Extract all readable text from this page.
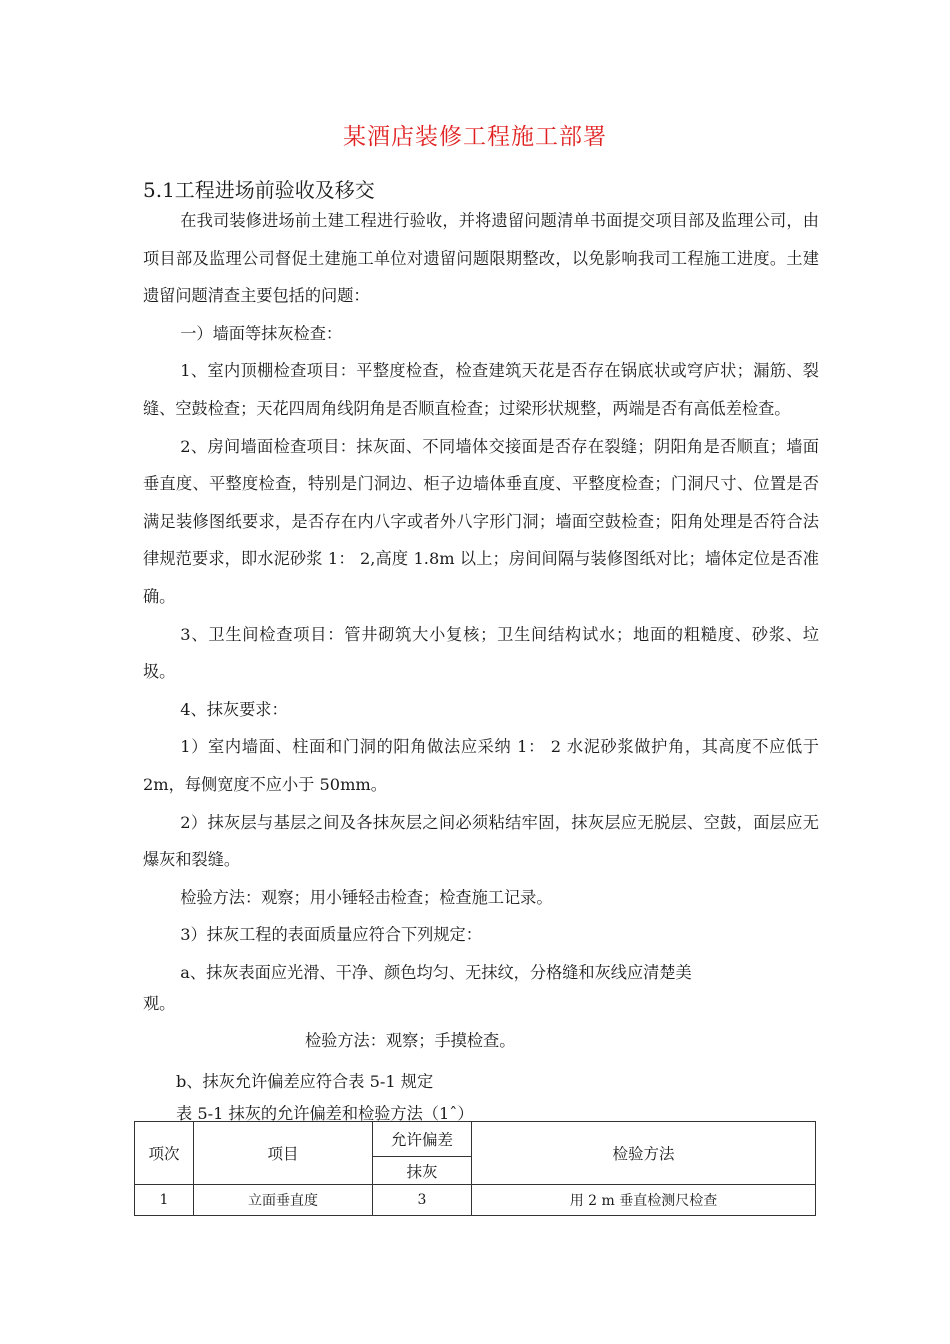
某酒店装修工程施工部署
5.1工程进场前验收及移交

在我司装修进场前土建工程进行验收，并将遗留问题清单书面提交项目部及监理公司，由项目部及监理公司督促土建施工单位对遗留问题限期整改，以免影响我司工程施工进度。土建遗留问题清查主要包括的问题：

一）墙面等抹灰检查：

1、室内顶棚检查项目：平整度检查，检查建筑天花是否存在锅底状或穹庐状；漏筋、裂缝、空鼓检查；天花四周角线阴角是否顺直检查；过梁形状规整，两端是否有高低差检查。

2、房间墙面检查项目：抹灰面、不同墙体交接面是否存在裂缝；阴阳角是否顺直；墙面垂直度、平整度检查，特别是门洞边、柜子边墙体垂直度、平整度检查；门洞尺寸、位置是否满足装修图纸要求，是否存在内八字或者外八字形门洞；墙面空鼓检查；阳角处理是否符合法律规范要求，即水泥砂浆 1： 2,高度 1.8m 以上；房间间隔与装修图纸对比；墙体定位是否准确。

3、卫生间检查项目：管井砌筑大小复核；卫生间结构试水；地面的粗糙度、砂浆、垃圾。

4、抹灰要求：

1）室内墙面、柱面和门洞的阳角做法应采纳 1： 2 水泥砂浆做护角，其高度不应低于 2m，每侧宽度不应小于 50mm。

2）抹灰层与基层之间及各抹灰层之间必须粘结牢固，抹灰层应无脱层、空鼓，面层应无爆灰和裂缝。

检验方法：观察；用小锤轻击检查；检查施工记录。

3）抹灰工程的表面质量应符合下列规定：

a、抹灰表面应光滑、干净、颜色均匀、无抹纹，分格缝和灰线应清楚美

观。
检验方法：观察；手摸检查。
b、抹灰允许偏差应符合表 5-1 规定
表 5-1 抹灰的允许偏差和检验方法（1ˆ）
项次	项目	允许偏差	检验方法
		抹灰	
1	立面垂直度	3	用 2 m 垂直检测尺检查
